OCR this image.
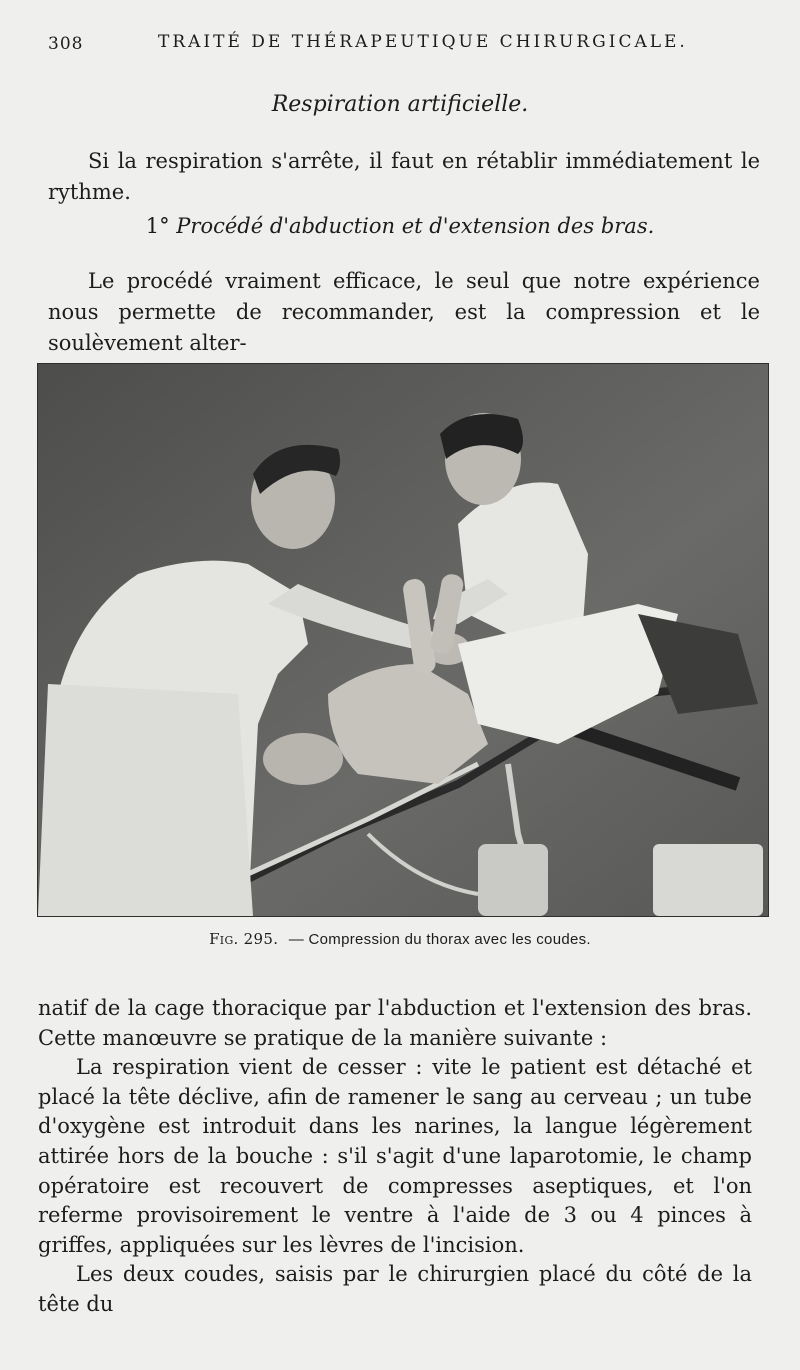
308	TRAITÉ DE THÉRAPEUTIQUE CHIRURGICALE.
Respiration artificielle.

Si la respiration s'arrête, il faut en rétablir immédiatement le rythme.

1° Procédé d'abduction et d'extension des bras.

Le procédé vraiment efficace, le seul que notre expérience nous permette de recommander, est la compression et le soulèvement alter-

Fig. 295. — Compression du thorax avec les coudes.

natif de la cage thoracique par l'abduction et l'extension des bras. Cette manœuvre se pratique de la manière suivante :

La respiration vient de cesser : vite le patient est détaché et placé la tête déclive, afin de ramener le sang au cerveau ; un tube d'oxygène est introduit dans les narines, la langue légèrement attirée hors de la bouche : s'il s'agit d'une laparotomie, le champ opératoire est recouvert de compresses aseptiques, et l'on referme provisoirement le ventre à l'aide de 3 ou 4 pinces à griffes, appliquées sur les lèvres de l'incision.

Les deux coudes, saisis par le chirurgien placé du côté de la tête du
